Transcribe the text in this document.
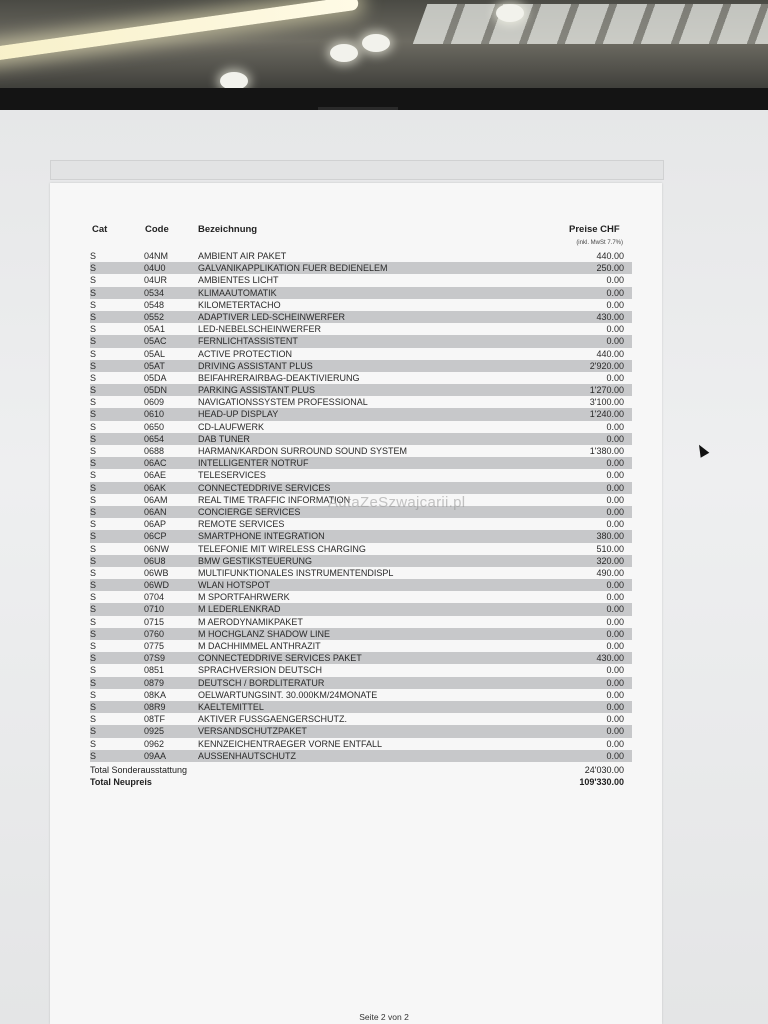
Cat	Code	Bezeichnung	Preise CHF
(inkl. MwSt 7.7%)
S	04NM	AMBIENT AIR PAKET	440.00
S	04U0	GALVANIKAPPLIKATION FUER BEDIENELEM	250.00
S	04UR	AMBIENTES LICHT	0.00
S	0534	KLIMAAUTOMATIK	0.00
S	0548	KILOMETERTACHO	0.00
S	0552	ADAPTIVER LED-SCHEINWERFER	430.00
S	05A1	LED-NEBELSCHEINWERFER	0.00
S	05AC	FERNLICHTASSISTENT	0.00
S	05AL	ACTIVE PROTECTION	440.00
S	05AT	DRIVING ASSISTANT PLUS	2'920.00
S	05DA	BEIFAHRERAIRBAG-DEAKTIVIERUNG	0.00
S	05DN	PARKING ASSISTANT PLUS	1'270.00
S	0609	NAVIGATIONSSYSTEM PROFESSIONAL	3'100.00
S	0610	HEAD-UP DISPLAY	1'240.00
S	0650	CD-LAUFWERK	0.00
S	0654	DAB TUNER	0.00
S	0688	HARMAN/KARDON SURROUND SOUND SYSTEM	1'380.00
S	06AC	INTELLIGENTER NOTRUF	0.00
S	06AE	TELESERVICES	0.00
S	06AK	CONNECTEDDRIVE SERVICES	0.00
S	06AM	REAL TIME TRAFFIC INFORMATION	0.00
S	06AN	CONCIERGE SERVICES	0.00
S	06AP	REMOTE SERVICES	0.00
S	06CP	SMARTPHONE INTEGRATION	380.00
S	06NW	TELEFONIE MIT WIRELESS CHARGING	510.00
S	06U8	BMW GESTIKSTEUERUNG	320.00
S	06WB	MULTIFUNKTIONALES INSTRUMENTENDISPL	490.00
S	06WD	WLAN HOTSPOT	0.00
S	0704	M SPORTFAHRWERK	0.00
S	0710	M LEDERLENKRAD	0.00
S	0715	M AERODYNAMIKPAKET	0.00
S	0760	M HOCHGLANZ SHADOW LINE	0.00
S	0775	M DACHHIMMEL ANTHRAZIT	0.00
S	07S9	CONNECTEDDRIVE SERVICES PAKET	430.00
S	0851	SPRACHVERSION DEUTSCH	0.00
S	0879	DEUTSCH / BORDLITERATUR	0.00
S	08KA	OELWARTUNGSINT. 30.000KM/24MONATE	0.00
S	08R9	KAELTEMITTEL	0.00
S	08TF	AKTIVER FUSSGAENGERSCHUTZ.	0.00
S	0925	VERSANDSCHUTZPAKET	0.00
S	0962	KENNZEICHENTRAEGER VORNE ENTFALL	0.00
S	09AA	AUSSENHAUTSCHUTZ	0.00
Total Sonderausstattung	24'030.00
Total Neupreis	109'330.00
AutaZeSzwajcarii.pl
Seite 2 von 2
